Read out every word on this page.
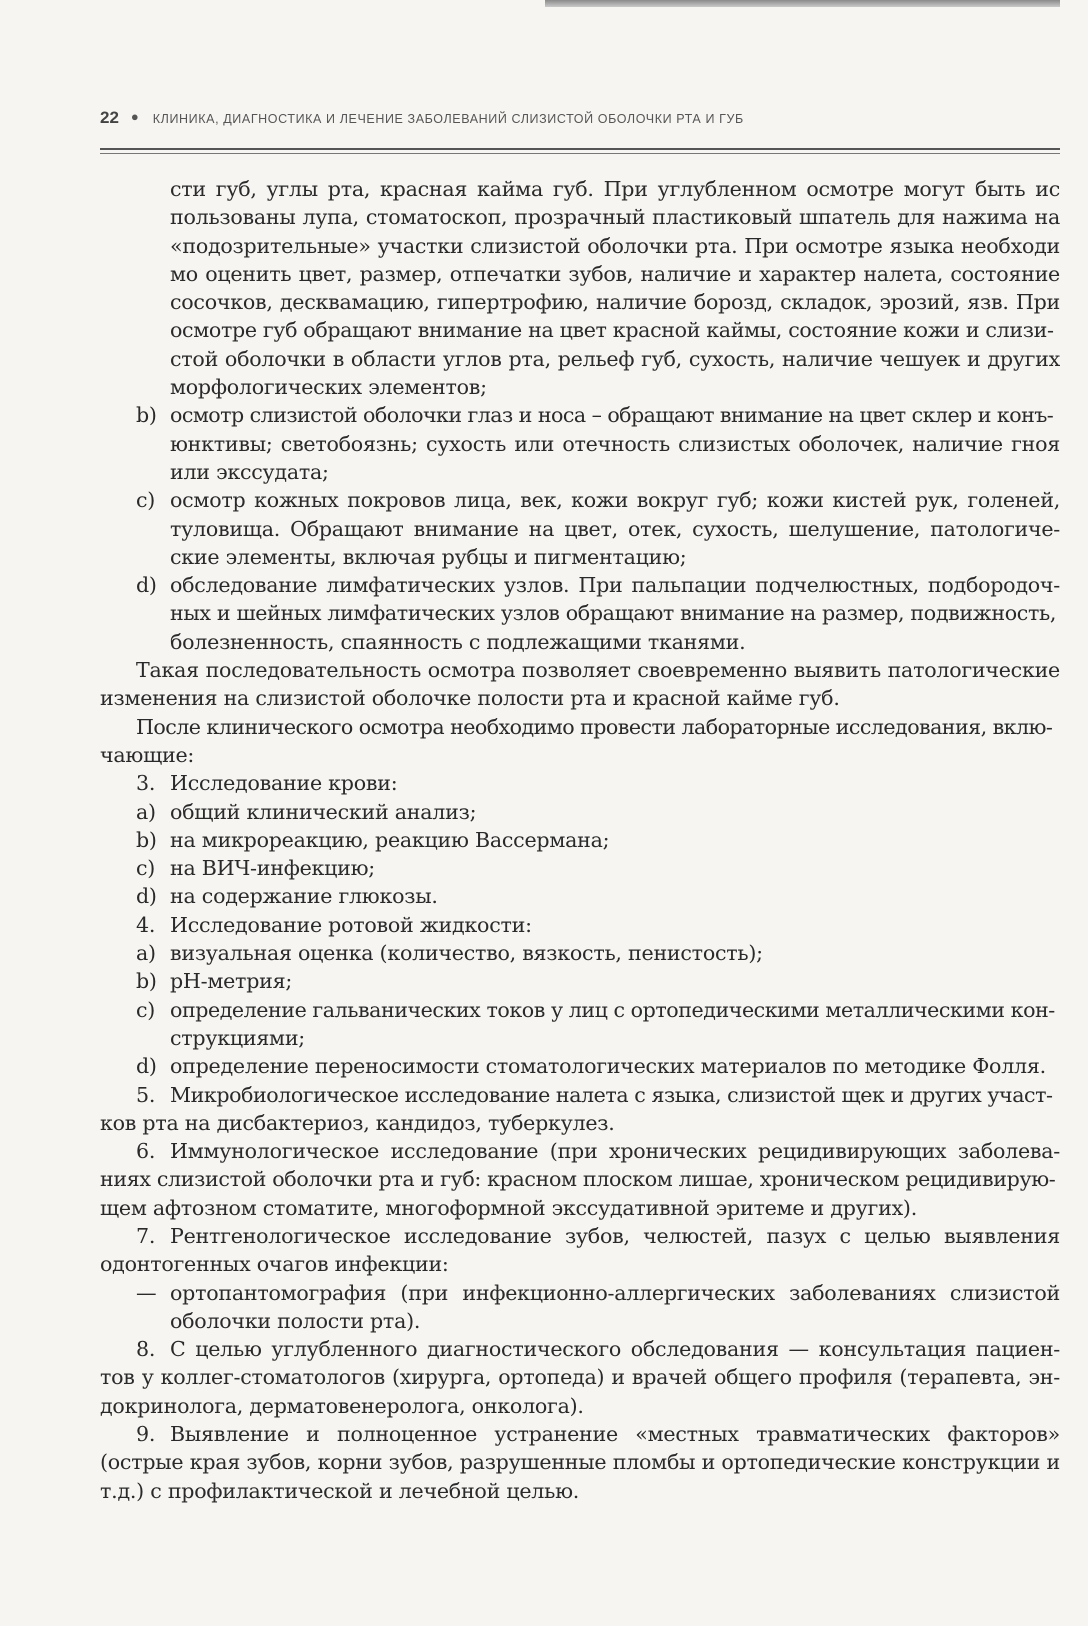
22 ● КЛИНИКА, ДИАГНОСТИКА И ЛЕЧЕНИЕ ЗАБОЛЕВАНИЙ СЛИЗИСТОЙ ОБОЛОЧКИ РТА И ГУБ
сти губ, углы рта, красная кайма губ. При углубленном осмотре могут быть ис
пользованы лупа, стоматоскоп, прозрачный пластиковый шпатель для нажима на
«подозрительные» участки слизистой оболочки рта. При осмотре языка необходи
мо оценить цвет, размер, отпечатки зубов, наличие и характер налета, состояние
сосочков, десквамацию, гипертрофию, наличие борозд, складок, эрозий, язв. При
осмотре губ обращают внимание на цвет красной каймы, состояние кожи и слизи-
стой оболочки в области углов рта, рельеф губ, сухость, наличие чешуек и других
морфологических элементов;
b) осмотр слизистой оболочки глаз и носа – обращают внимание на цвет склер и конъ-
юнктивы; светобоязнь; сухость или отечность слизистых оболочек, наличие гноя
или экссудата;
c) осмотр кожных покровов лица, век, кожи вокруг губ; кожи кистей рук, голеней,
туловища. Обращают внимание на цвет, отек, сухость, шелушение, патологиче-
ские элементы, включая рубцы и пигментацию;
d) обследование лимфатических узлов. При пальпации подчелюстных, подбородоч-
ных и шейных лимфатических узлов обращают внимание на размер, подвижность,
болезненность, спаянность с подлежащими тканями.
Такая последовательность осмотра позволяет своевременно выявить патологические
изменения на слизистой оболочке полости рта и красной кайме губ.
После клинического осмотра необходимо провести лабораторные исследования, вклю-
чающие:
3. Исследование крови:
a) общий клинический анализ;
b) на микрореакцию, реакцию Вассермана;
c) на ВИЧ-инфекцию;
d) на содержание глюкозы.
4. Исследование ротовой жидкости:
a) визуальная оценка (количество, вязкость, пенистость);
b) pH-метрия;
c) определение гальванических токов у лиц с ортопедическими металлическими кон-
струкциями;
d) определение переносимости стоматологических материалов по методике Фолля.
5. Микробиологическое исследование налета с языка, слизистой щек и других участ-
ков рта на дисбактериоз, кандидоз, туберкулез.
6. Иммунологическое исследование (при хронических рецидивирующих заболева-
ниях слизистой оболочки рта и губ: красном плоском лишае, хроническом рецидивирую-
щем афтозном стоматите, многоформной экссудативной эритеме и других).
7. Рентгенологическое исследование зубов, челюстей, пазух с целью выявления
одонтогенных очагов инфекции:
— ортопантомография (при инфекционно-аллергических заболеваниях слизистой
оболочки полости рта).
8. С целью углубленного диагностического обследования — консультация пациен-
тов у коллег-стоматологов (хирурга, ортопеда) и врачей общего профиля (терапевта, эн-
докринолога, дерматовенеролога, онколога).
9. Выявление и полноценное устранение «местных травматических факторов»
(острые края зубов, корни зубов, разрушенные пломбы и ортопедические конструкции и
т.д.) с профилактической и лечебной целью.
